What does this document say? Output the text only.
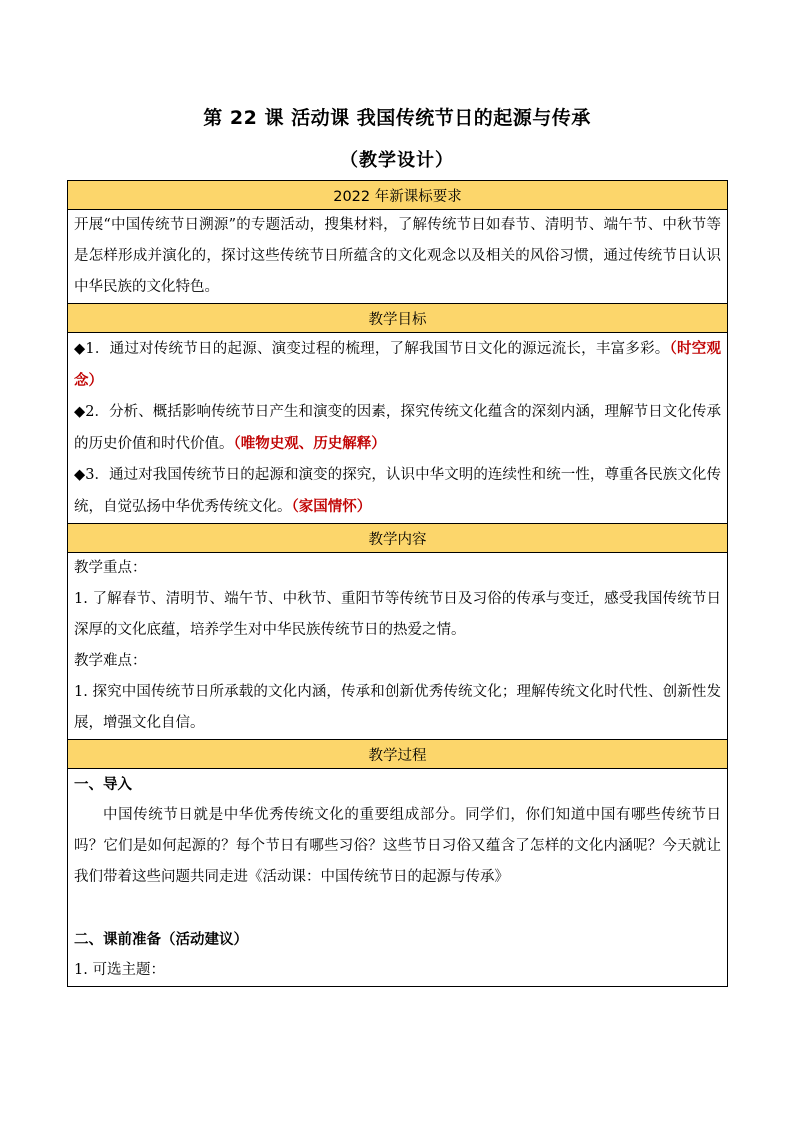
第 22 课 活动课 我国传统节日的起源与传承
（教学设计）
2022 年新课标要求

开展“中国传统节日溯源”的专题活动，搜集材料，了解传统节日如春节、清明节、端午节、中秋节等是怎样形成并演化的，探讨这些传统节日所蕴含的文化观念以及相关的风俗习惯，通过传统节日认识中华民族的文化特色。

教学目标

◆1．通过对传统节日的起源、演变过程的梳理，了解我国节日文化的源远流长，丰富多彩。（时空观念）

◆2．分析、概括影响传统节日产生和演变的因素，探究传统文化蕴含的深刻内涵，理解节日文化传承的历史价值和时代价值。（唯物史观、历史解释）

◆3．通过对我国传统节日的起源和演变的探究，认识中华文明的连续性和统一性，尊重各民族文化传统，自觉弘扬中华优秀传统文化。（家国情怀）

教学内容

教学重点：

1. 了解春节、清明节、端午节、中秋节、重阳节等传统节日及习俗的传承与变迁，感受我国传统节日深厚的文化底蕴，培养学生对中华民族传统节日的热爱之情。

教学难点：

1. 探究中国传统节日所承载的文化内涵，传承和创新优秀传统文化；理解传统文化时代性、创新性发展，增强文化自信。

教学过程

一、导入

中国传统节日就是中华优秀传统文化的重要组成部分。同学们，你们知道中国有哪些传统节日吗？它们是如何起源的？每个节日有哪些习俗？这些节日习俗又蕴含了怎样的文化内涵呢？今天就让我们带着这些问题共同走进《活动课：中国传统节日的起源与传承》

二、课前准备（活动建议）

1. 可选主题：
